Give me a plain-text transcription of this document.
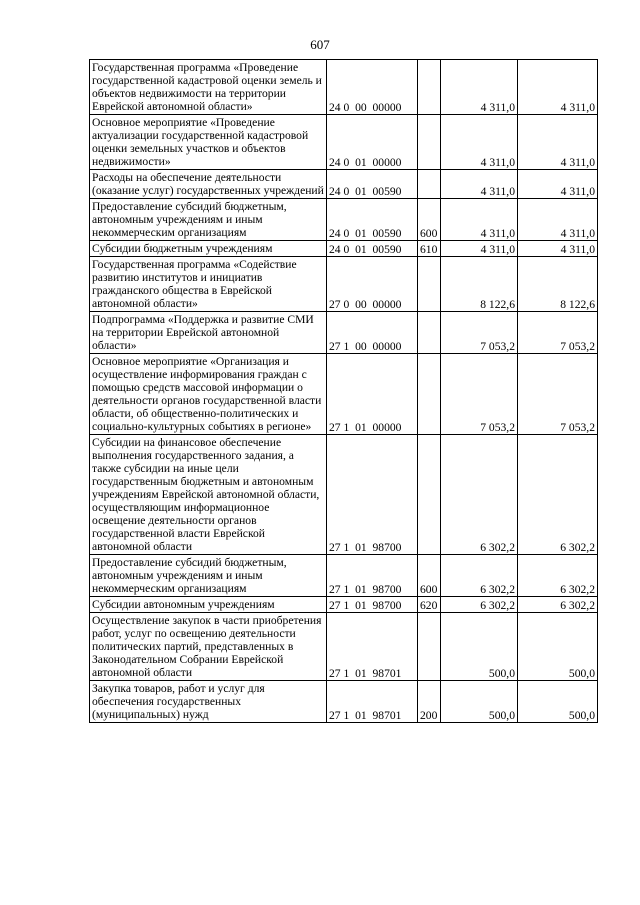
607
Государственная программа «Проведение государственной кадастровой оценки земель и объектов недвижимости на территории Еврейской автономной области»	24 0  00  00000		4 311,0	4 311,0
Основное мероприятие «Проведение актуализации государственной кадастровой оценки земельных участков и объектов недвижимости»	24 0  01  00000		4 311,0	4 311,0
Расходы на обеспечение деятельности (оказание услуг) государственных учреждений	24 0  01  00590		4 311,0	4 311,0
Предоставление субсидий бюджетным, автономным учреждениям и иным некоммерческим организациям	24 0  01  00590	600	4 311,0	4 311,0
Субсидии бюджетным учреждениям	24 0  01  00590	610	4 311,0	4 311,0
Государственная программа «Содействие развитию институтов и инициатив гражданского общества в Еврейской автономной области»	27 0  00  00000		8 122,6	8 122,6
Подпрограмма «Поддержка и развитие СМИ на территории Еврейской автономной области»	27 1  00  00000		7 053,2	7 053,2
Основное мероприятие «Организация и осуществление информирования граждан с помощью средств массовой информации о деятельности органов государственной власти области, об общественно-политических и социально-культурных событиях в регионе»	27 1  01  00000		7 053,2	7 053,2
Субсидии на финансовое обеспечение выполнения государственного задания, а также субсидии на иные цели государственным бюджетным и автономным учреждениям Еврейской автономной области, осуществляющим информационное освещение деятельности органов государственной власти Еврейской автономной области	27 1  01  98700		6 302,2	6 302,2
Предоставление субсидий бюджетным, автономным учреждениям и иным некоммерческим организациям	27 1  01  98700	600	6 302,2	6 302,2
Субсидии автономным учреждениям	27 1  01  98700	620	6 302,2	6 302,2
Осуществление закупок в части приобретения работ, услуг по освещению деятельности политических партий, представленных в Законодательном Собрании Еврейской автономной области	27 1  01  98701		500,0	500,0
Закупка товаров, работ и услуг для обеспечения государственных (муниципальных) нужд	27 1  01  98701	200	500,0	500,0
